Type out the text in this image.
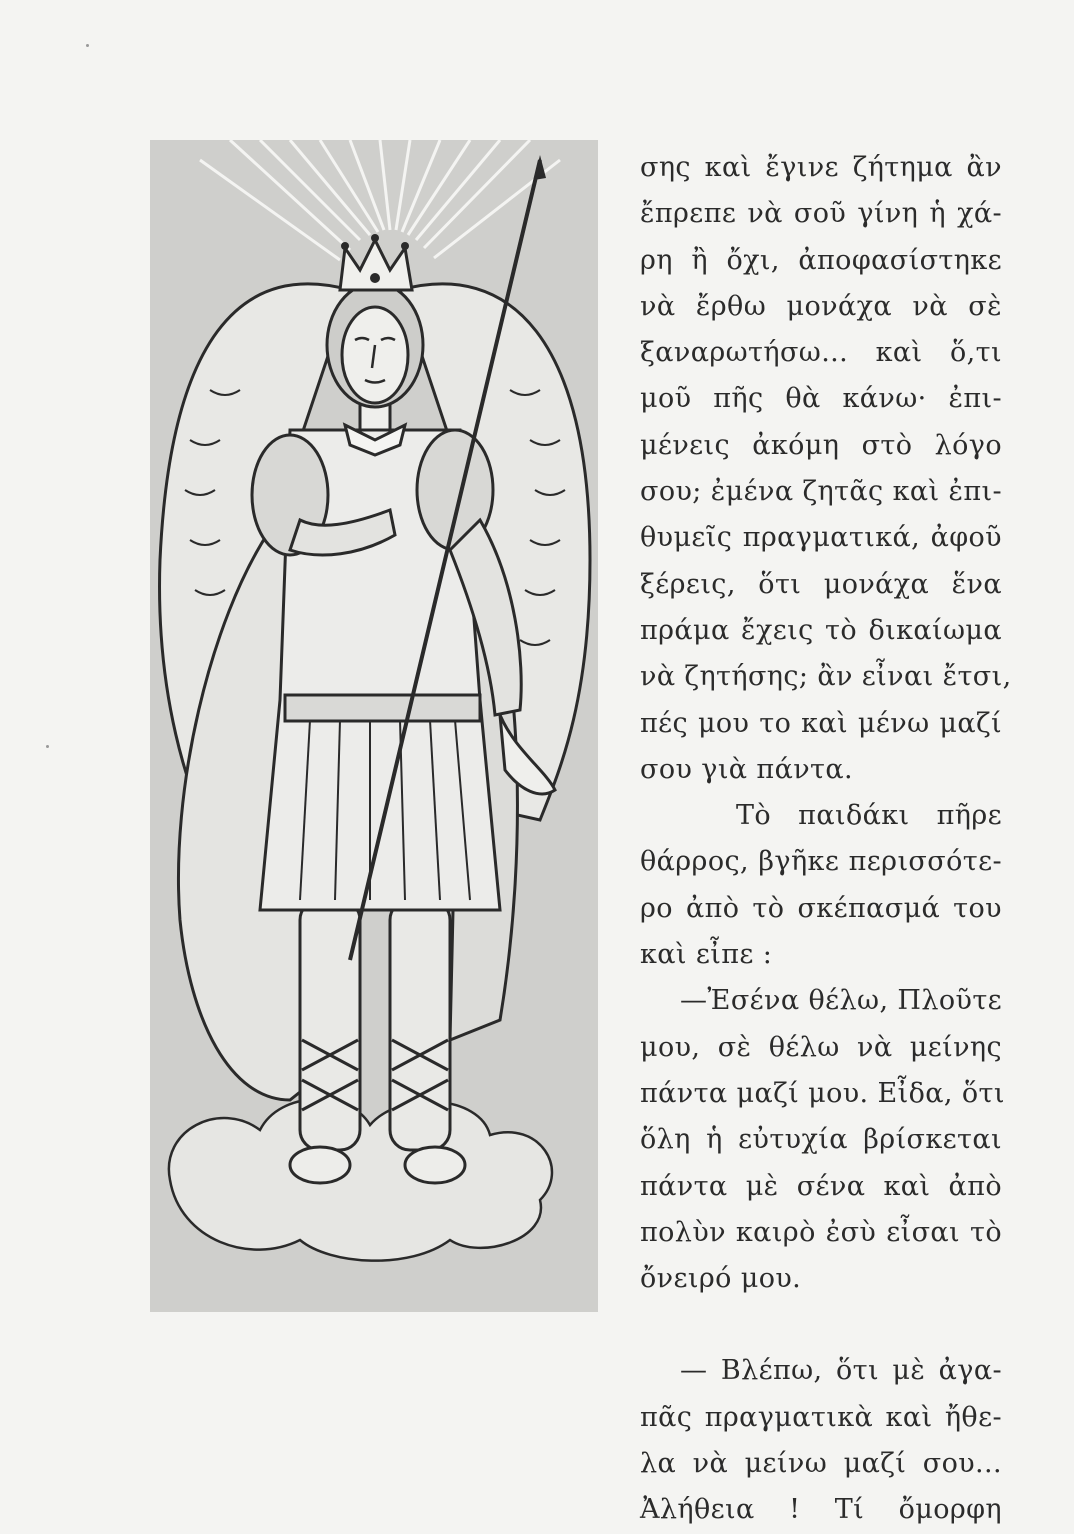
σης καὶ ἔγινε ζήτημα ἂν
ἔπρεπε νὰ σοῦ γίνη ἡ χά-
ρη ἢ ὄχι, ἀποφασίστηκε
νὰ ἔρθω μονάχα νὰ σὲ
ξαναρωτήσω... καὶ ὅ,τι
μοῦ πῆς θὰ κάνω· ἐπι-
μένεις ἀκόμη στὸ λόγο
σου; ἐμένα ζητᾶς καὶ ἐπι-
θυμεῖς πραγματικά, ἀφοῦ
ξέρεις, ὅτι μονάχα ἕνα
πράμα ἔχεις τὸ δικαίωμα
νὰ ζητήσης; ἂν εἶναι ἔτσι,
πές μου το καὶ μένω μαζί
σου γιὰ πάντα.
Τὸ παιδάκι πῆρε
θάρρος, βγῆκε περισσότε-
ρο ἀπὸ τὸ σκέπασμά του
καὶ εἶπε :
—Ἐσένα θέλω, Πλοῦτε
μου, σὲ θέλω νὰ μείνης
πάντα μαζί μου. Εἶδα, ὅτι
ὅλη ἡ εὐτυχία βρίσκεται
πάντα μὲ σένα καὶ ἀπὸ
πολὺν καιρὸ ἐσὺ εἶσαι τὸ
ὄνειρό μου.
— Βλέπω, ὅτι μὲ ἀγα-
πᾶς πραγματικὰ καὶ ἤθε-
λα νὰ μείνω μαζί σου...
Ἀλήθεια ! Τί ὄμορφη
